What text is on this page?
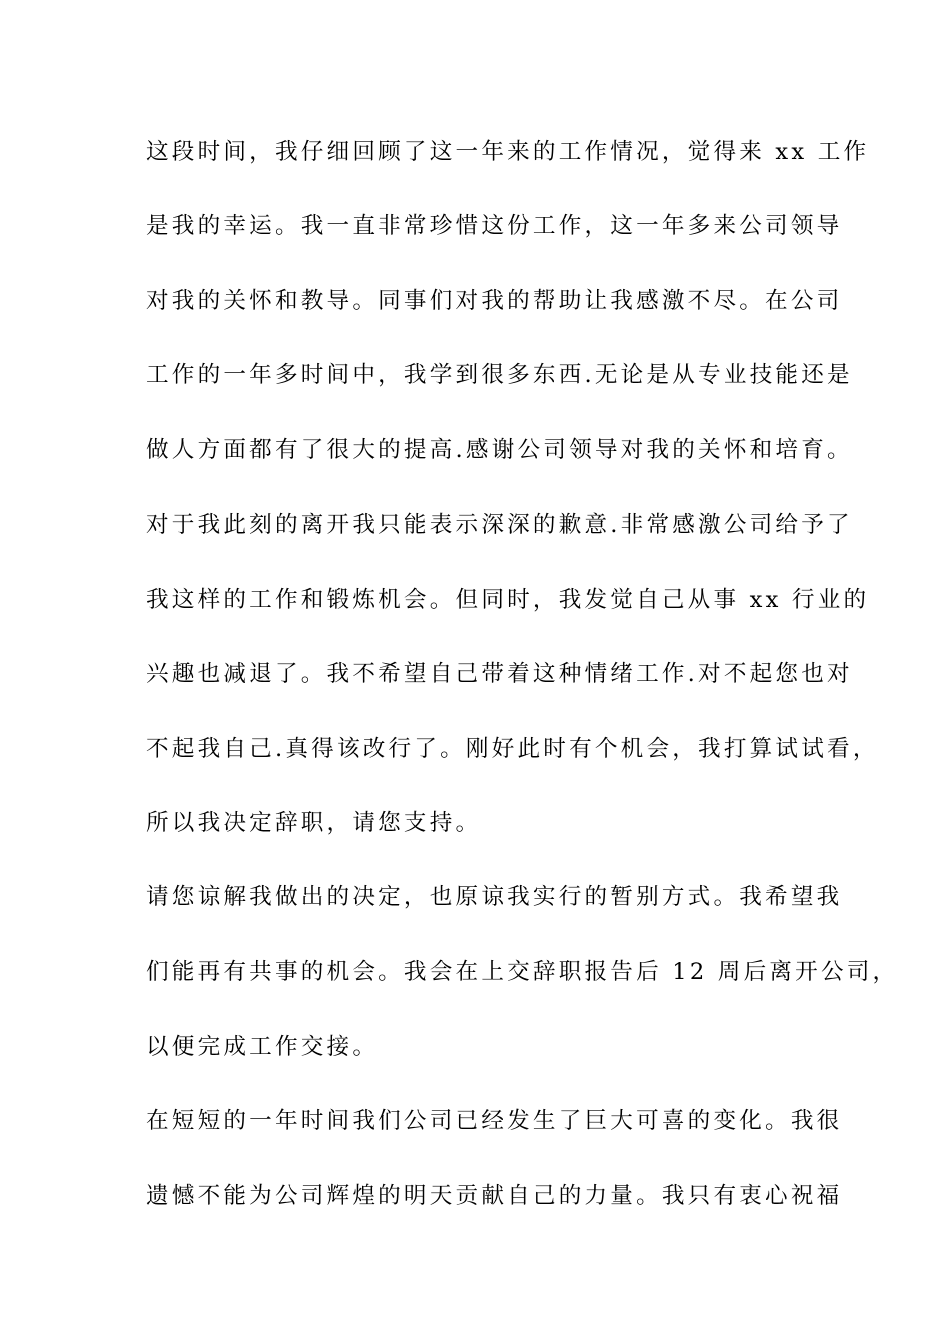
这段时间，我仔细回顾了这一年来的工作情况，觉得来 xx 工作
是我的幸运。我一直非常珍惜这份工作，这一年多来公司领导
对我的关怀和教导。同事们对我的帮助让我感激不尽。在公司
工作的一年多时间中，我学到很多东西.无论是从专业技能还是
做人方面都有了很大的提高.感谢公司领导对我的关怀和培育。
对于我此刻的离开我只能表示深深的歉意.非常感激公司给予了
我这样的工作和锻炼机会。但同时，我发觉自己从事 xx 行业的
兴趣也减退了。我不希望自己带着这种情绪工作.对不起您也对
不起我自己.真得该改行了。刚好此时有个机会，我打算试试看，
所以我决定辞职，请您支持。
请您谅解我做出的决定，也原谅我实行的暂别方式。我希望我
们能再有共事的机会。我会在上交辞职报告后 12 周后离开公司，
以便完成工作交接。
在短短的一年时间我们公司已经发生了巨大可喜的变化。我很
遗憾不能为公司辉煌的明天贡献自己的力量。我只有衷心祝福
